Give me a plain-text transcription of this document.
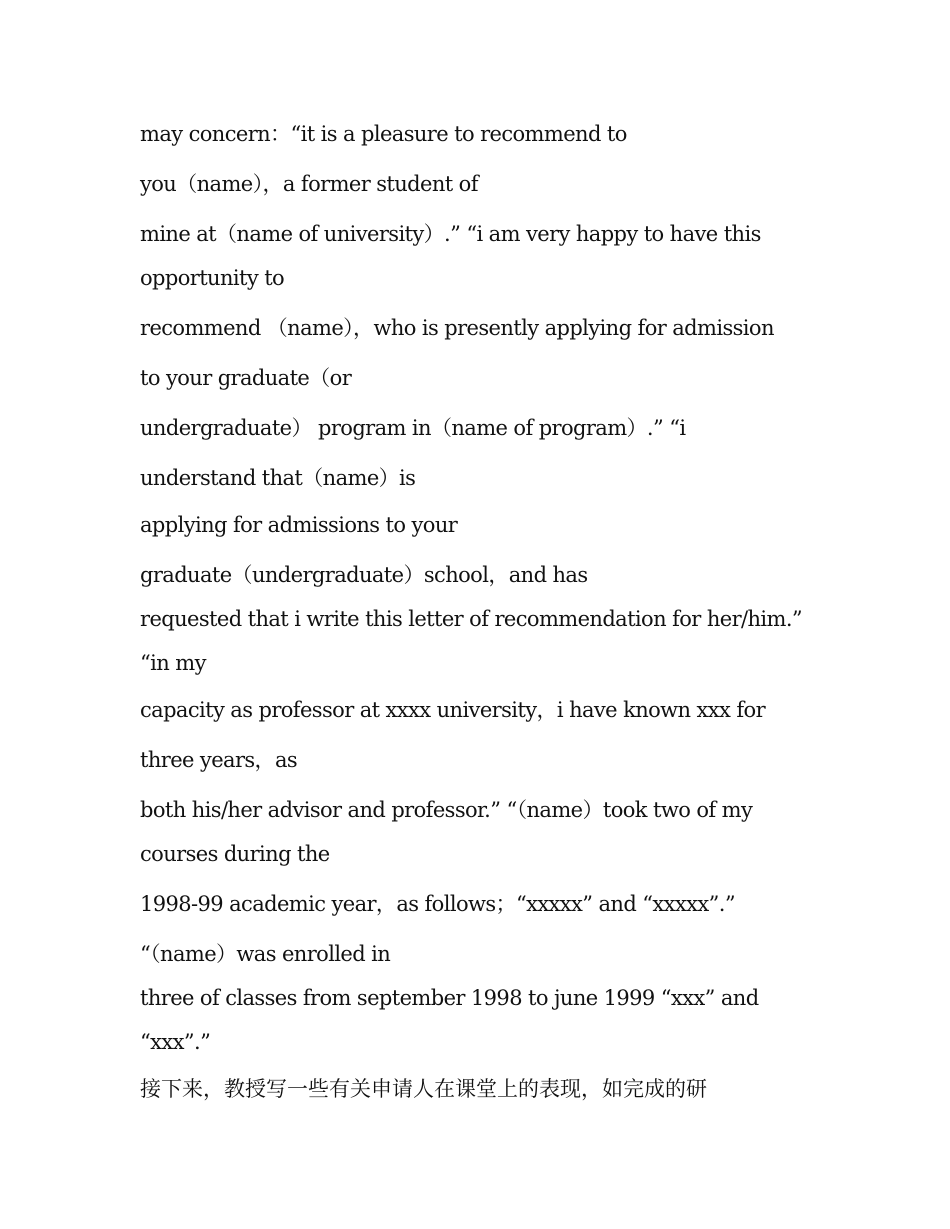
may concern：“it is a pleasure to recommend to

you（name），a former student of

mine at（name of university）.” “i am very happy to have this opportunity to

recommend （name），who is presently applying for admission

to your graduate（or

undergraduate） program in（name of program）.” “i

understand that（name）is

applying for admissions to your

graduate（undergraduate）school，and has

requested that i write this letter of recommendation for her/him.” “in my

capacity as professor at xxxx university，i have known xxx for

three years，as

both his/her advisor and professor.” “（name）took two of my courses during the

1998-99 academic year，as follows；“xxxxx” and “xxxxx”.”

“（name）was enrolled in

three of classes from september 1998 to june 1999 “xxx” and “xxx”.”

接下来，教授写一些有关申请人在课堂上的表现，如完成的研
